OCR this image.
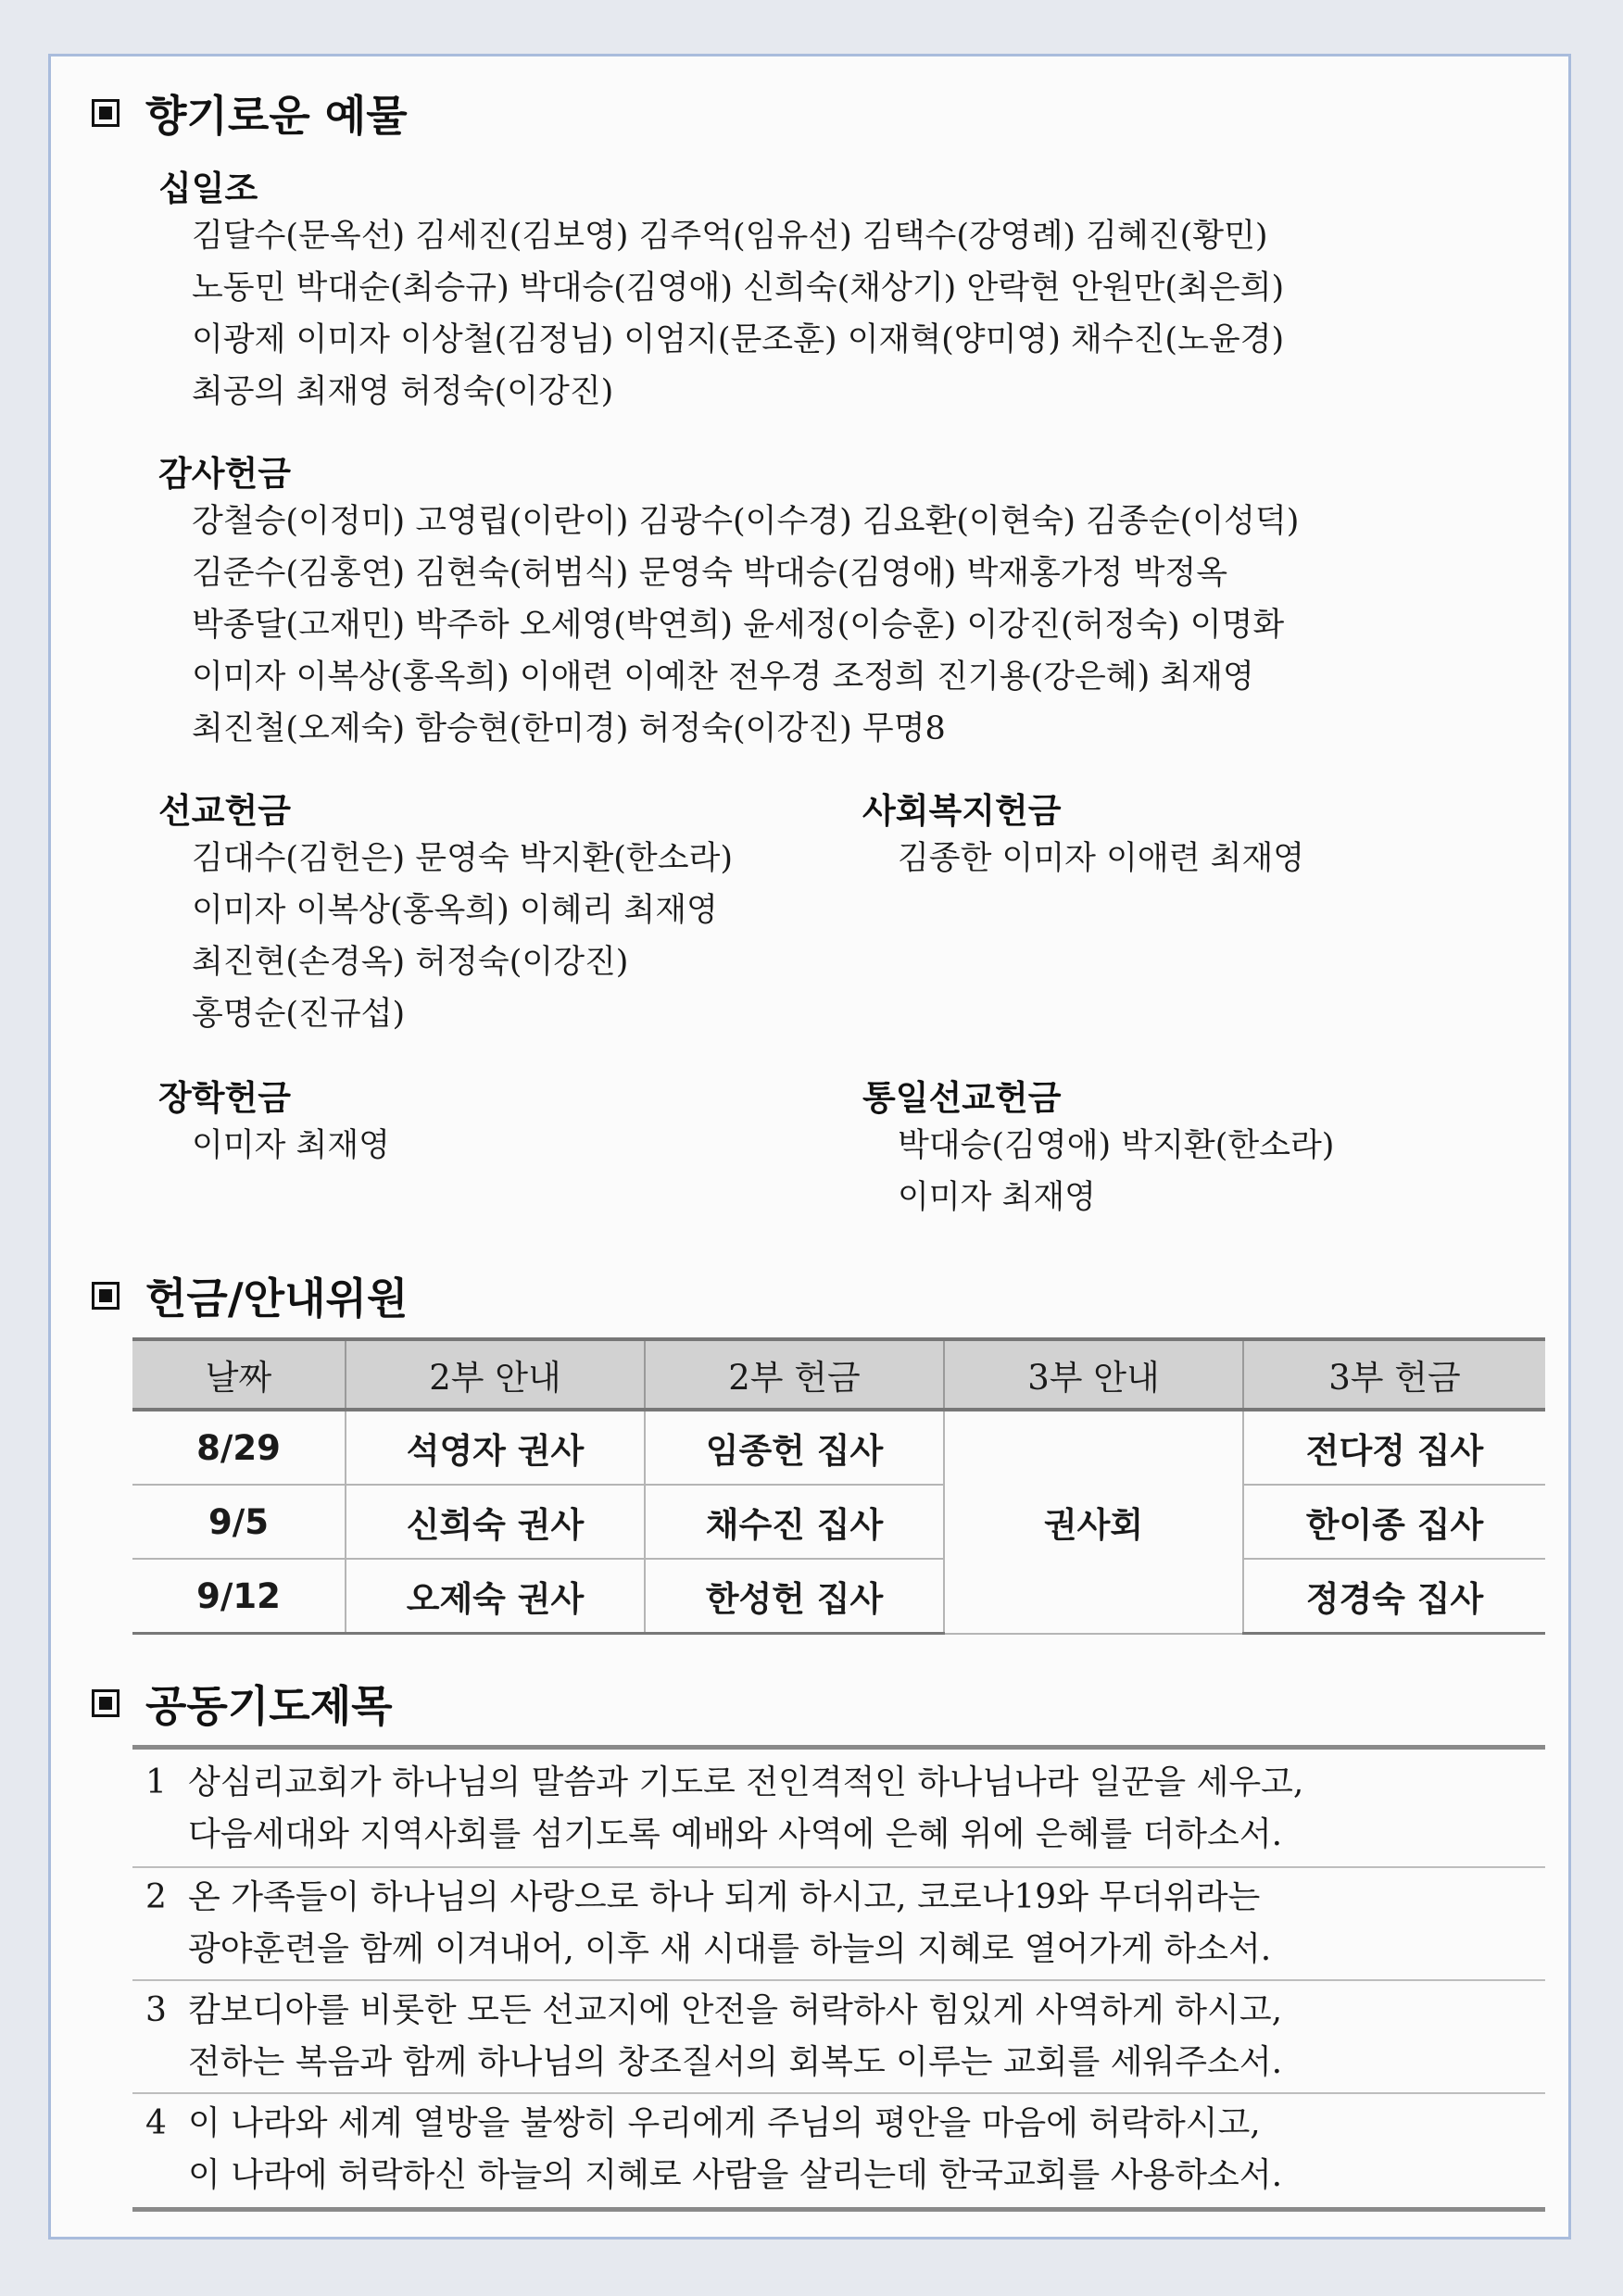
향기로운 예물
십일조
김달수(문옥선) 김세진(김보영) 김주억(임유선) 김택수(강영례) 김혜진(황민)
노동민 박대순(최승규) 박대승(김영애) 신희숙(채상기) 안락현 안원만(최은희)
이광제 이미자 이상철(김정님) 이엄지(문조훈) 이재혁(양미영) 채수진(노윤경)
최공의 최재영 허정숙(이강진)
감사헌금
강철승(이정미) 고영립(이란이) 김광수(이수경) 김요환(이현숙) 김종순(이성덕)
김준수(김홍연) 김현숙(허범식) 문영숙 박대승(김영애) 박재홍가정 박정옥
박종달(고재민) 박주하 오세영(박연희) 윤세정(이승훈) 이강진(허정숙) 이명화
이미자 이복상(홍옥희) 이애련 이예찬 전우경 조정희 진기용(강은혜) 최재영
최진철(오제숙) 함승현(한미경) 허정숙(이강진) 무명8
선교헌금
김대수(김헌은) 문영숙 박지환(한소라)
이미자 이복상(홍옥희) 이혜리 최재영
최진현(손경옥) 허정숙(이강진)
홍명순(진규섭)
사회복지헌금
김종한 이미자 이애련 최재영
장학헌금
이미자 최재영
통일선교헌금
박대승(김영애) 박지환(한소라)
이미자 최재영
헌금/안내위원
날짜	2부 안내	2부 헌금	3부 안내	3부 헌금
8/29	석영자 권사	임종헌 집사	권사회	전다정 집사
9/5	신희숙 권사	채수진 집사		한이종 집사
9/12	오제숙 권사	한성헌 집사		정경숙 집사
공동기도제목
1 상심리교회가 하나님의 말씀과 기도로 전인격적인 하나님나라 일꾼을 세우고,
다음세대와 지역사회를 섬기도록 예배와 사역에 은혜 위에 은혜를 더하소서.
2 온 가족들이 하나님의 사랑으로 하나 되게 하시고, 코로나19와 무더위라는
광야훈련을 함께 이겨내어, 이후 새 시대를 하늘의 지혜로 열어가게 하소서.
3 캄보디아를 비롯한 모든 선교지에 안전을 허락하사 힘있게 사역하게 하시고,
전하는 복음과 함께 하나님의 창조질서의 회복도 이루는 교회를 세워주소서.
4 이 나라와 세계 열방을 불쌍히 우리에게 주님의 평안을 마음에 허락하시고,
이 나라에 허락하신 하늘의 지혜로 사람을 살리는데 한국교회를 사용하소서.
